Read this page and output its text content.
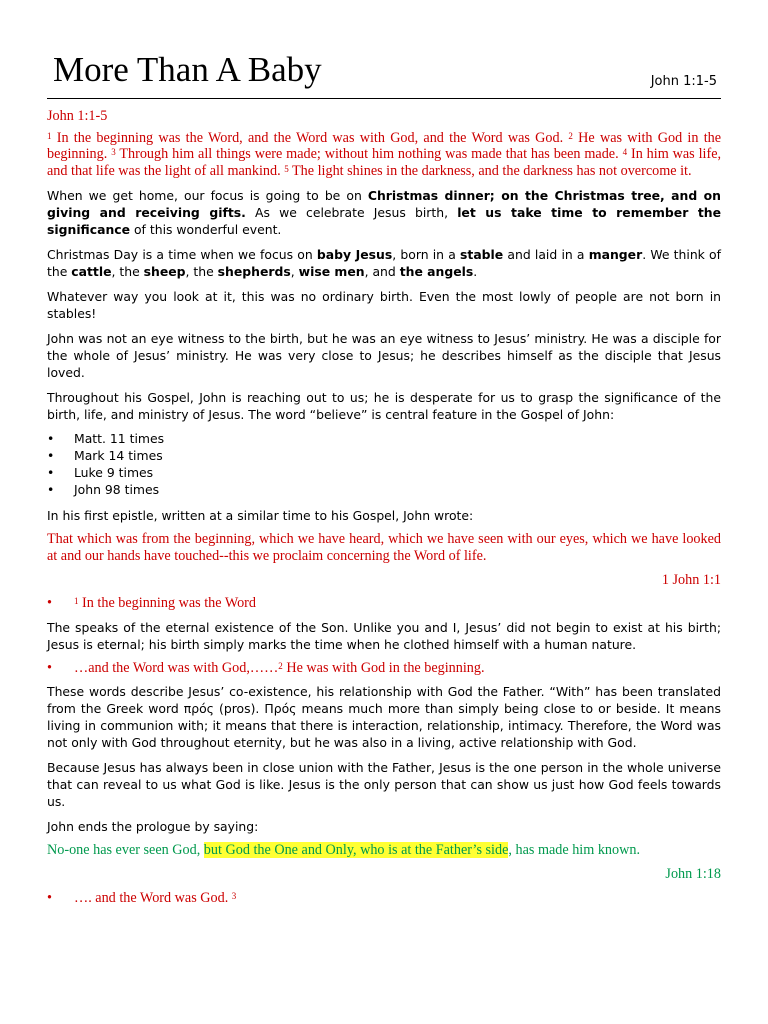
More Than A Baby	John 1:1-5

John 1:1-5

$^1$ In the beginning was the Word, and the Word was with God, and the Word was God. $^2$ He was with God in the beginning. $^3$ Through him all things were made; without him nothing was made that has been made. $^4$ In him was life, and that life was the light of all mankind. $^5$ The light shines in the darkness, and the darkness has not overcome it.

When we get home, our focus is going to be on Christmas dinner; on the Christmas tree, and on giving and receiving gifts. As we celebrate Jesus birth, let us take time to remember the significance of this wonderful event.

Christmas Day is a time when we focus on baby Jesus, born in a stable and laid in a manger. We think of the cattle, the sheep, the shepherds, wise men, and the angels.

Whatever way you look at it, this was no ordinary birth. Even the most lowly of people are not born in stables!

John was not an eye witness to the birth, but he was an eye witness to Jesus’ ministry. He was a disciple for the whole of Jesus’ ministry. He was very close to Jesus; he describes himself as the disciple that Jesus loved.

Throughout his Gospel, John is reaching out to us; he is desperate for us to grasp the significance of the birth, life, and ministry of Jesus. The word “believe” is central feature in the Gospel of John:

• Matt. 11 times
• Mark 14 times
• Luke 9 times
• John 98 times

In his first epistle, written at a similar time to his Gospel, John wrote:

That which was from the beginning, which we have heard, which we have seen with our eyes, which we have looked at and our hands have touched--this we proclaim concerning the Word of life.

1 John 1:1

• $^1$ In the beginning was the Word

The speaks of the eternal existence of the Son. Unlike you and I, Jesus’ did not begin to exist at his birth; Jesus is eternal; his birth simply marks the time when he clothed himself with a human nature.

• …and the Word was with God,……$^2$ He was with God in the beginning.

These words describe Jesus’ co-existence, his relationship with God the Father. “With” has been translated from the Greek word πρός (pros). Πρός means much more than simply being close to or beside. It means living in communion with; it means that there is interaction, relationship, intimacy. Therefore, the Word was not only with God throughout eternity, but he was also in a living, active relationship with God.

Because Jesus has always been in close union with the Father, Jesus is the one person in the whole universe that can reveal to us what God is like. Jesus is the only person that can show us just how God feels towards us.

John ends the prologue by saying:

No-one has ever seen God, but God the One and Only, who is at the Father’s side, has made him known.

John 1:18

• …. and the Word was God. $^3$
